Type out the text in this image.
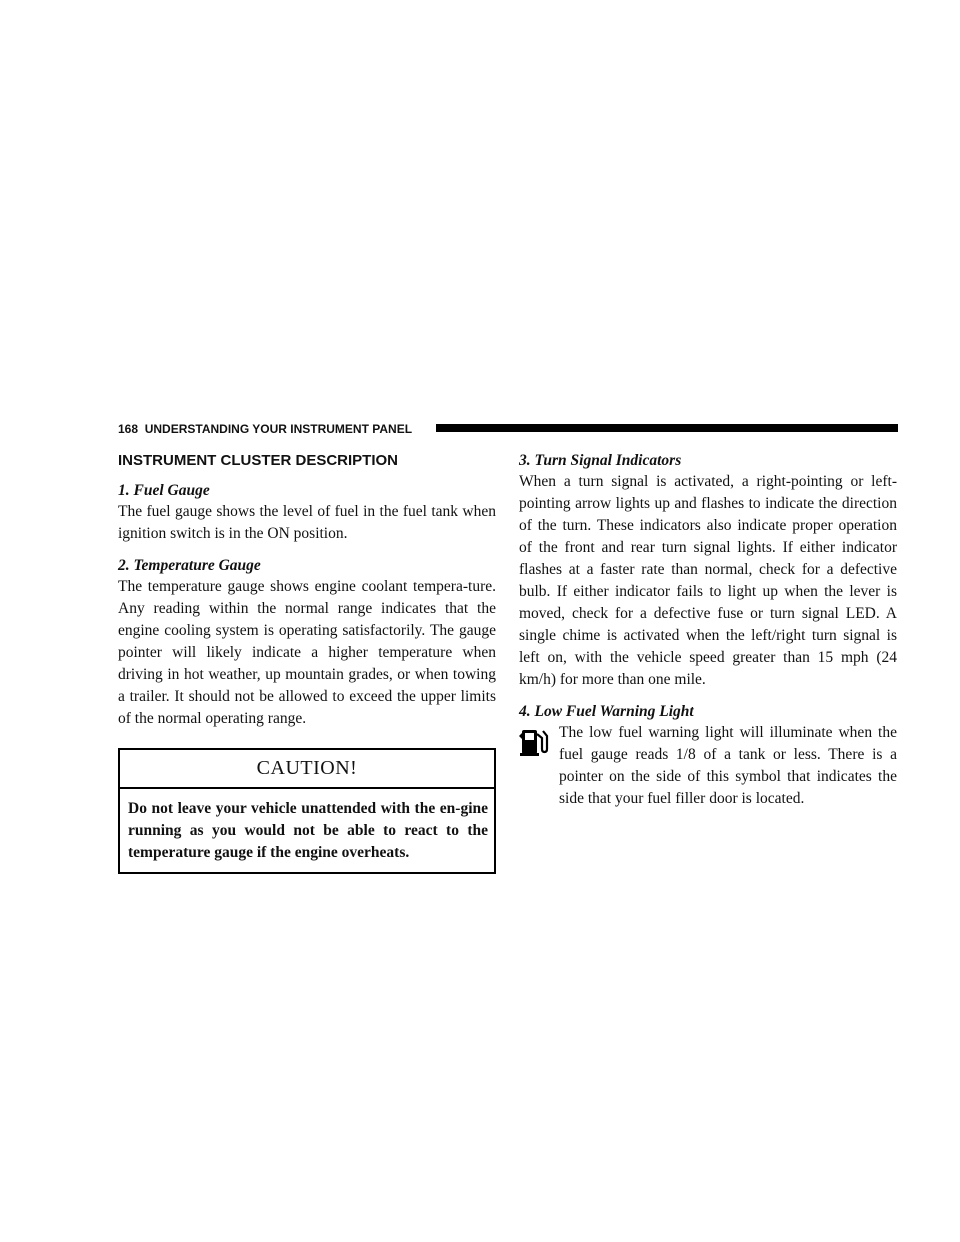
168 UNDERSTANDING YOUR INSTRUMENT PANEL
INSTRUMENT CLUSTER DESCRIPTION
1. Fuel Gauge
The fuel gauge shows the level of fuel in the fuel tank when ignition switch is in the ON position.
2. Temperature Gauge
The temperature gauge shows engine coolant tempera-ture. Any reading within the normal range indicates that the engine cooling system is operating satisfactorily. The gauge pointer will likely indicate a higher temperature when driving in hot weather, up mountain grades, or when towing a trailer. It should not be allowed to exceed the upper limits of the normal operating range.
CAUTION!
Do not leave your vehicle unattended with the en-gine running as you would not be able to react to the temperature gauge if the engine overheats.
3. Turn Signal Indicators
When a turn signal is activated, a right-pointing or left-pointing arrow lights up and flashes to indicate the direction of the turn. These indicators also indicate proper operation of the front and rear turn signal lights. If either indicator flashes at a faster rate than normal, check for a defective bulb. If either indicator fails to light up when the lever is moved, check for a defective fuse or turn signal LED. A single chime is activated when the left/right turn signal is left on, with the vehicle speed greater than 15 mph (24 km/h) for more than one mile.
4. Low Fuel Warning Light
The low fuel warning light will illuminate when the fuel gauge reads 1/8 of a tank or less. There is a pointer on the side of this symbol that indicates the side that your fuel filler door is located.
